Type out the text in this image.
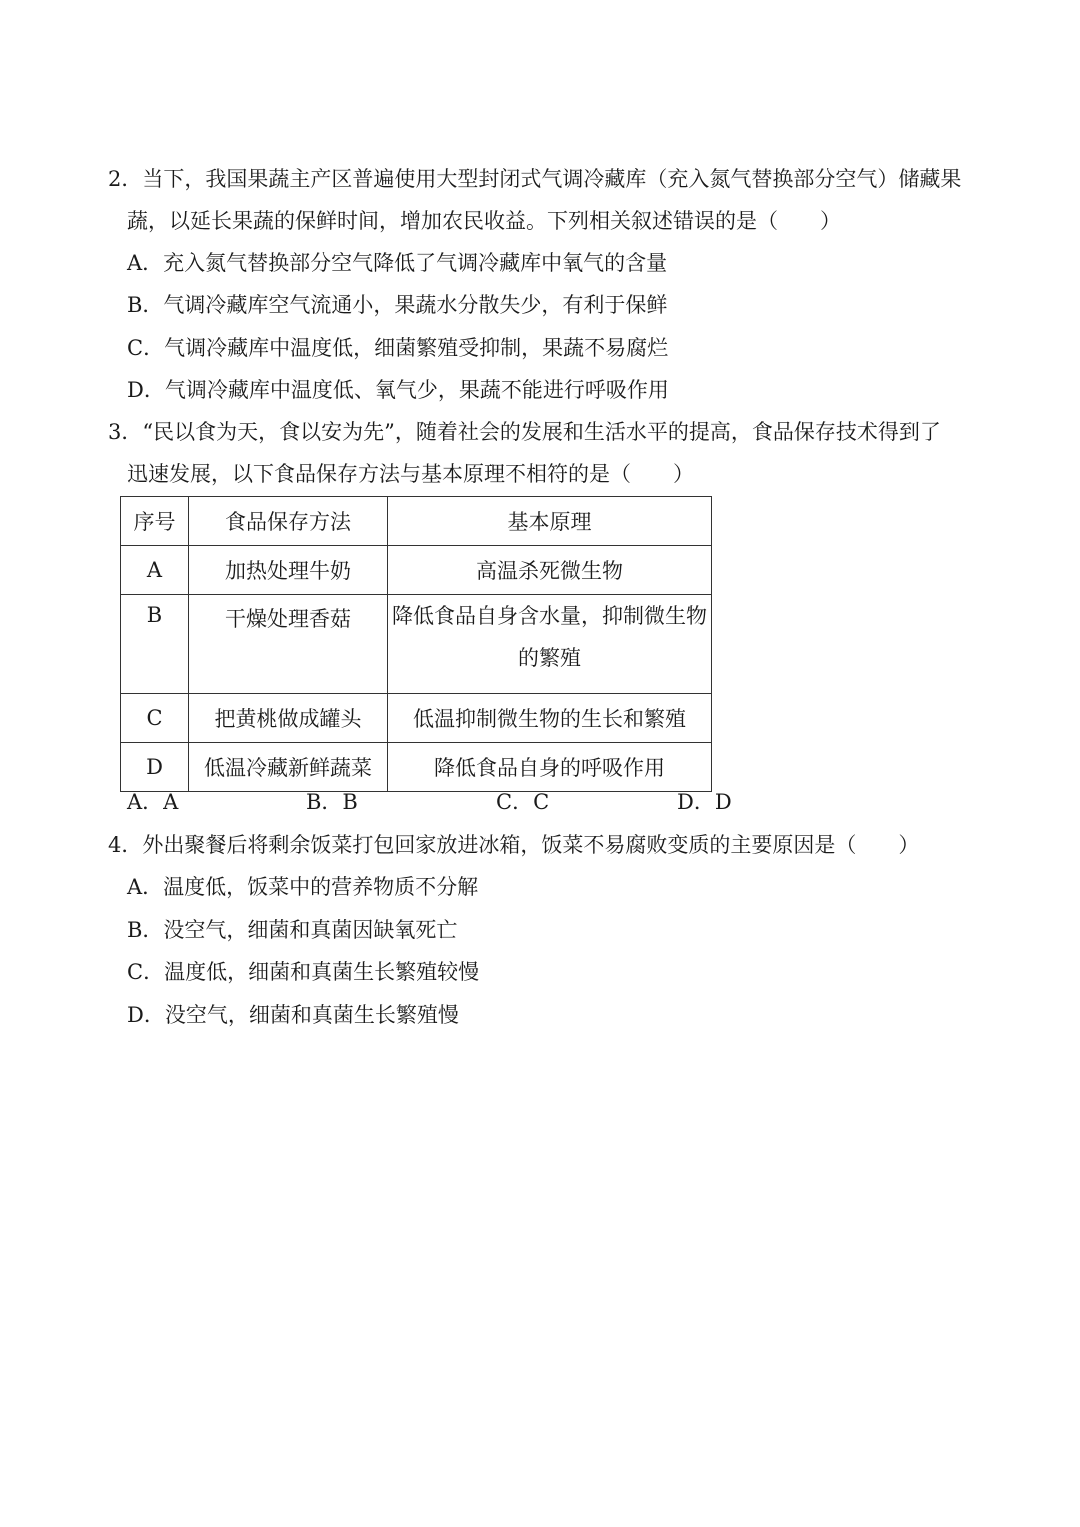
2．当下，我国果蔬主产区普遍使用大型封闭式气调冷藏库（充入氮气替换部分空气）储藏果
蔬，以延长果蔬的保鲜时间，增加农民收益。下列相关叙述错误的是（　　）
A．充入氮气替换部分空气降低了气调冷藏库中氧气的含量
B．气调冷藏库空气流通小，果蔬水分散失少，有利于保鲜
C．气调冷藏库中温度低，细菌繁殖受抑制，果蔬不易腐烂
D．气调冷藏库中温度低、氧气少，果蔬不能进行呼吸作用
3．“民以食为天，食以安为先”，随着社会的发展和生活水平的提高，食品保存技术得到了
迅速发展，以下食品保存方法与基本原理不相符的是（　　）
序号	食品保存方法	基本原理
A	加热处理牛奶	高温杀死微生物
B	干燥处理香菇	降低食品自身含水量，抑制微生物的繁殖
C	把黄桃做成罐头	低温抑制微生物的生长和繁殖
D	低温冷藏新鲜蔬菜	降低食品自身的呼吸作用
A．A	B．B	C．C	D．D
4．外出聚餐后将剩余饭菜打包回家放进冰箱，饭菜不易腐败变质的主要原因是（　　）
A．温度低，饭菜中的营养物质不分解
B．没空气，细菌和真菌因缺氧死亡
C．温度低，细菌和真菌生长繁殖较慢
D．没空气，细菌和真菌生长繁殖慢
